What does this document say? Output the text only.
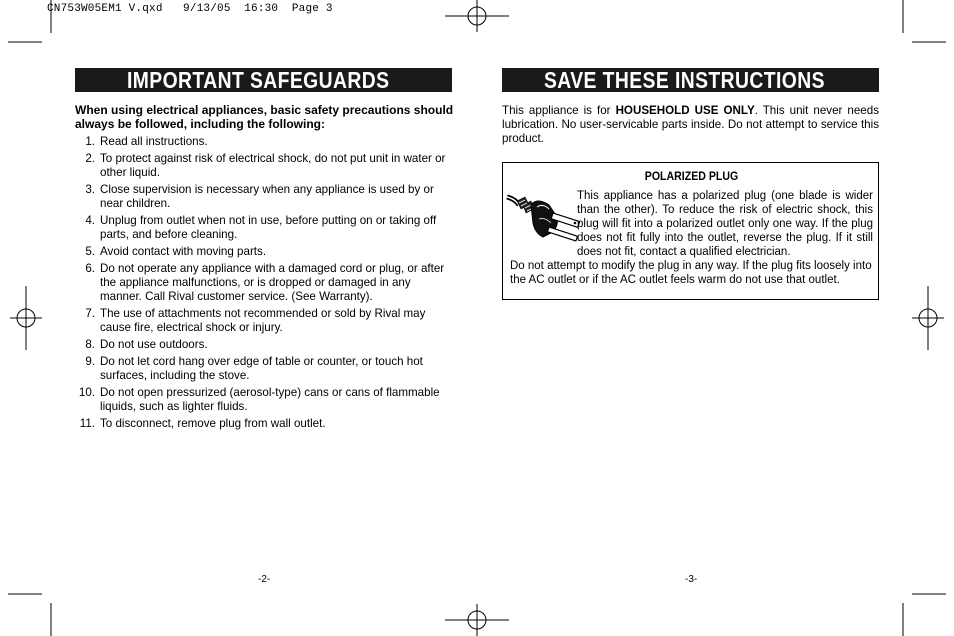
CN753W05EM1 V.qxd   9/13/05  16:30  Page 3
IMPORTANT SAFEGUARDS
When using electrical appliances, basic safety precautions should always be followed, including the following:
1. Read all instructions.
2. To protect against risk of electrical shock, do not put unit in water or other liquid.
3. Close supervision is necessary when any appliance is used by or near children.
4. Unplug from outlet when not in use, before putting on or taking off parts, and before cleaning.
5. Avoid contact with moving parts.
6. Do not operate any appliance with a damaged cord or plug, or after the appliance malfunctions, or is dropped or damaged in any manner. Call Rival customer service. (See Warranty).
7. The use of attachments not recommended or sold by Rival may cause fire, electrical shock or injury.
8. Do not use outdoors.
9. Do not let cord hang over edge of table or counter, or touch hot surfaces, including the stove.
10. Do not open pressurized (aerosol-type) cans or cans of flammable liquids, such as lighter fluids.
11. To disconnect, remove plug from wall outlet.
-2-
SAVE THESE INSTRUCTIONS
This appliance is for HOUSEHOLD USE ONLY. This unit never needs lubrication. No user-servicable parts inside. Do not attempt to service this product.
POLARIZED PLUG
This appliance has a polarized plug (one blade is wider than the other). To reduce the risk of electric shock, this plug will fit into a polarized outlet only one way. If the plug does not fit fully into the outlet, reverse the plug. If it still does not fit, contact a qualified electrician.
Do not attempt to modify the plug in any way. If the plug fits loosely into the AC outlet or if the AC outlet feels warm do not use that outlet.
-3-
